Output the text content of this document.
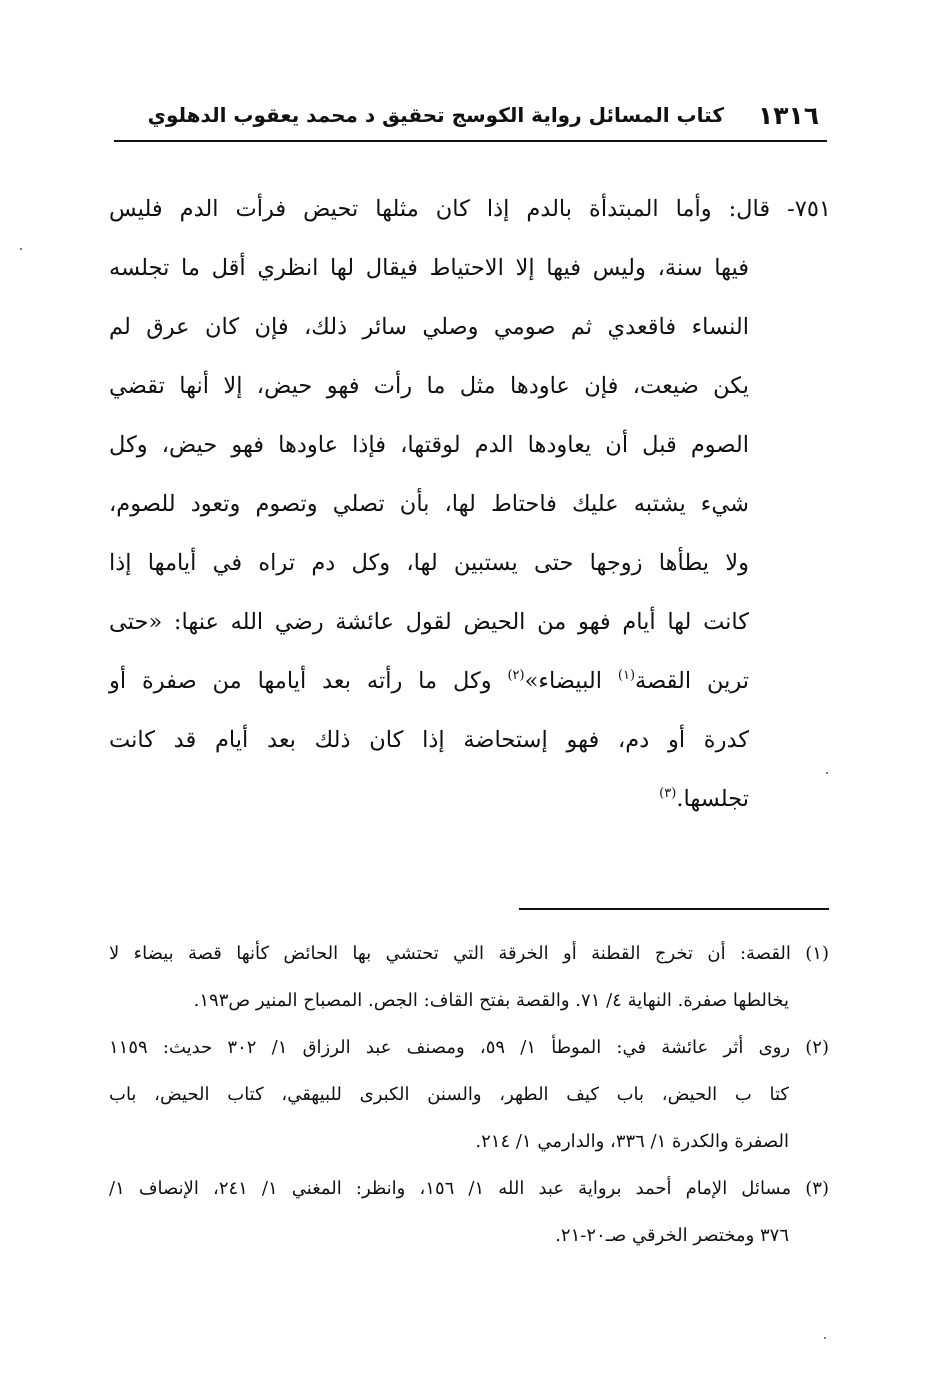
١٣١٦
كتاب المسائل رواية الكوسج تحقيق د محمد يعقوب الدهلوي
٧٥١- قال: وأما المبتدأة بالدم إذا كان مثلها تحيض فرأت الدم فليس
فيها سنة، وليس فيها إلا الاحتياط فيقال لها انظري أقل ما تجلسه
النساء فاقعدي ثم صومي وصلي سائر ذلك، فإن كان عرق لم
يكن ضيعت، فإن عاودها مثل ما رأت فهو حيض، إلا أنها تقضي
الصوم قبل أن يعاودها الدم لوقتها، فإذا عاودها فهو حيض، وكل
شيء يشتبه عليك فاحتاط لها، بأن تصلي وتصوم وتعود للصوم،
ولا يطأها زوجها حتى يستبين لها، وكل دم تراه في أيامها إذا
كانت لها أيام فهو من الحيض لقول عائشة رضي الله عنها: «حتى
ترين القصة$^{(١)}$ البيضاء»$^{(٢)}$ وكل ما رأته بعد أيامها من صفرة أو
كدرة أو دم، فهو إستحاضة إذا كان ذلك بعد أيام قد كانت
تجلسها.$^{(٣)}$
(١) القصة: أن تخرج القطنة أو الخرقة التي تحتشي بها الحائض كأنها قصة بيضاء لا
يخالطها صفرة. النهاية ٤/ ٧١. والقصة بفتح القاف: الجص. المصباح المنير ص١٩٣.
(٢) روى أثر عائشة في: الموطأ ١/ ٥٩، ومصنف عبد الرزاق ١/ ٣٠٢ حديث: ١١٥٩
كتا ب الحيض، باب كيف الطهر، والسنن الكبرى للبيهقي، كتاب الحيض، باب
الصفرة والكدرة ١/ ٣٣٦، والدارمي ١/ ٢١٤.
(٣) مسائل الإمام أحمد برواية عبد الله ١/ ١٥٦، وانظر: المغني ١/ ٢٤١، الإنصاف ١/
٣٧٦ ومختصر الخرقي صـ٢٠-٢١.
